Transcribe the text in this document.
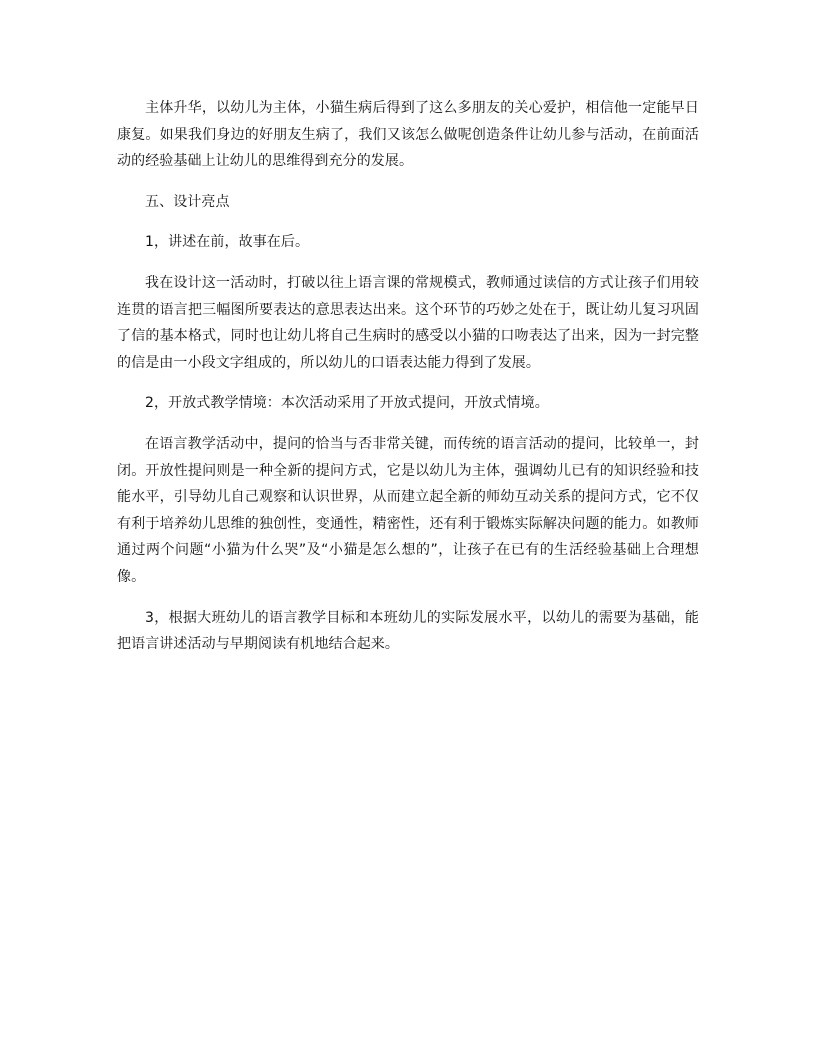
主体升华，以幼儿为主体，小猫生病后得到了这么多朋友的关心爱护，相信他一定能早日康复。如果我们身边的好朋友生病了，我们又该怎么做呢创造条件让幼儿参与活动，在前面活动的经验基础上让幼儿的思维得到充分的发展。

五、设计亮点

1，讲述在前，故事在后。

我在设计这一活动时，打破以往上语言课的常规模式，教师通过读信的方式让孩子们用较连贯的语言把三幅图所要表达的意思表达出来。这个环节的巧妙之处在于，既让幼儿复习巩固了信的基本格式，同时也让幼儿将自己生病时的感受以小猫的口吻表达了出来，因为一封完整的信是由一小段文字组成的，所以幼儿的口语表达能力得到了发展。

2，开放式教学情境：本次活动采用了开放式提问，开放式情境。

在语言教学活动中，提问的恰当与否非常关键，而传统的语言活动的提问，比较单一，封闭。开放性提问则是一种全新的提问方式，它是以幼儿为主体，强调幼儿已有的知识经验和技能水平，引导幼儿自己观察和认识世界，从而建立起全新的师幼互动关系的提问方式，它不仅有利于培养幼儿思维的独创性，变通性，精密性，还有利于锻炼实际解决问题的能力。如教师通过两个问题“小猫为什么哭”及“小猫是怎么想的”，让孩子在已有的生活经验基础上合理想像。

3，根据大班幼儿的语言教学目标和本班幼儿的实际发展水平，以幼儿的需要为基础，能把语言讲述活动与早期阅读有机地结合起来。
